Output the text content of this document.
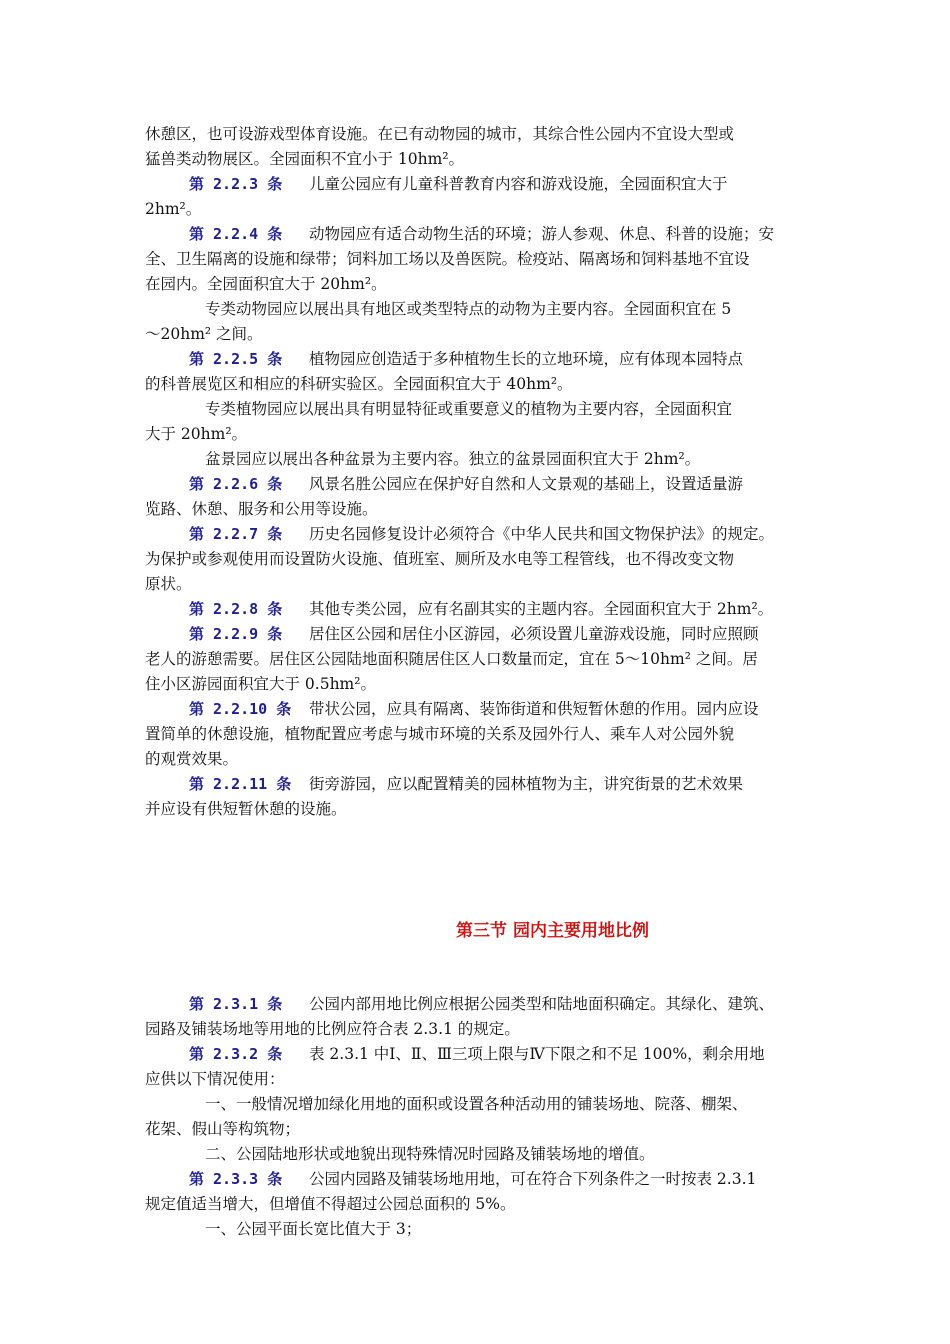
休憩区，也可设游戏型体育设施。在已有动物园的城市，其综合性公园内不宜设大型或
猛兽类动物展区。全园面积不宜小于 10hm²。
第 2.2.3 条 儿童公园应有儿童科普教育内容和游戏设施，全园面积宜大于
2hm²。
第 2.2.4 条 动物园应有适合动物生活的环境；游人参观、休息、科普的设施；安
全、卫生隔离的设施和绿带；饲料加工场以及兽医院。检疫站、隔离场和饲料基地不宜设
在园内。全园面积宜大于 20hm²。
专类动物园应以展出具有地区或类型特点的动物为主要内容。全园面积宜在 5
～20hm² 之间。
第 2.2.5 条 植物园应创造适于多种植物生长的立地环境，应有体现本园特点
的科普展览区和相应的科研实验区。全园面积宜大于 40hm²。
专类植物园应以展出具有明显特征或重要意义的植物为主要内容，全园面积宜
大于 20hm²。
盆景园应以展出各种盆景为主要内容。独立的盆景园面积宜大于 2hm²。
第 2.2.6 条 风景名胜公园应在保护好自然和人文景观的基础上，设置适量游
览路、休憩、服务和公用等设施。
第 2.2.7 条 历史名园修复设计必须符合《中华人民共和国文物保护法》的规定。
为保护或参观使用而设置防火设施、值班室、厕所及水电等工程管线，也不得改变文物
原状。
第 2.2.8 条 其他专类公园，应有名副其实的主题内容。全园面积宜大于 2hm²。
第 2.2.9 条 居住区公园和居住小区游园，必须设置儿童游戏设施，同时应照顾
老人的游憩需要。居住区公园陆地面积随居住区人口数量而定，宜在 5～10hm² 之间。居
住小区游园面积宜大于 0.5hm²。
第 2.2.10 条 带状公园，应具有隔离、装饰街道和供短暂休憩的作用。园内应设
置简单的休憩设施，植物配置应考虑与城市环境的关系及园外行人、乘车人对公园外貌
的观赏效果。
第 2.2.11 条 街旁游园，应以配置精美的园林植物为主，讲究街景的艺术效果
并应设有供短暂休憩的设施。
第三节 园内主要用地比例
第 2.3.1 条 公园内部用地比例应根据公园类型和陆地面积确定。其绿化、建筑、
园路及铺装场地等用地的比例应符合表 2.3.1 的规定。
第 2.3.2 条 表 2.3.1 中Ⅰ、Ⅱ、Ⅲ三项上限与Ⅳ下限之和不足 100%，剩余用地
应供以下情况使用：
一、一般情况增加绿化用地的面积或设置各种活动用的铺装场地、院落、棚架、
花架、假山等构筑物；
二、公园陆地形状或地貌出现特殊情况时园路及铺装场地的增值。
第 2.3.3 条 公园内园路及铺装场地用地，可在符合下列条件之一时按表 2.3.1
规定值适当增大，但增值不得超过公园总面积的 5%。
一、公园平面长宽比值大于 3；
